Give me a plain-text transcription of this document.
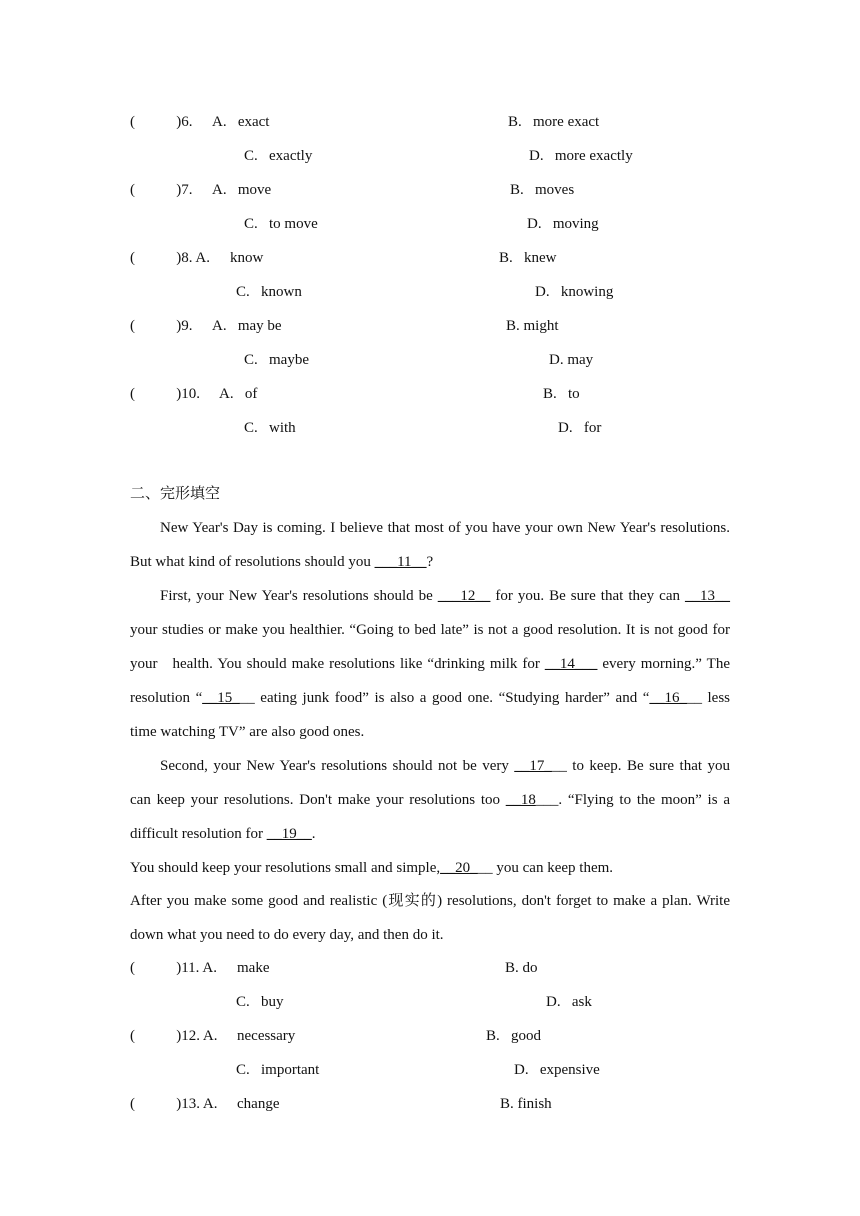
(           )6. A.   exact	B.   more exact
C.   exactly	D.   more exactly
(           )7. A.   move	B.   moves
C.   to move	D.   moving
(           )8. A. know	B.   knew
C.   known	D.   knowing
(           )9. A.   may be	B. might
C.   maybe	D. may
(           )10. A.   of	B.   to
C.   with	D.   for
二、完形填空
New Year's Day is coming. I believe that most of you have your own New Year's resolutions.
But what kind of resolutions should you ___11__?
First, your New Year's resolutions should be ___12__ for you. Be sure that they can __13__
your studies or make you healthier. “Going to bed late” is not a good resolution. It is not good for
your   health. You should make resolutions like “drinking milk for __14___ every morning.” The
resolution “__15___ eating junk food” is also a good one. “Studying harder” and “__16___ less
time watching TV” are also good ones.
Second, your New Year's resolutions should not be very __17___ to keep. Be sure that you
can keep your resolutions. Don't make your resolutions too __18___. “Flying to the moon” is a
difficult resolution for __19__.
You should keep your resolutions small and simple,__20___ you can keep them.
After you make some good and realistic (现实的) resolutions, don't forget to make a plan. Write
down what you need to do every day, and then do it.
(           )11. A. make	B. do
C.   buy	D.   ask
(           )12. A. necessary	B.   good
C.   important	D.   expensive
(           )13. A. change	B. finish
